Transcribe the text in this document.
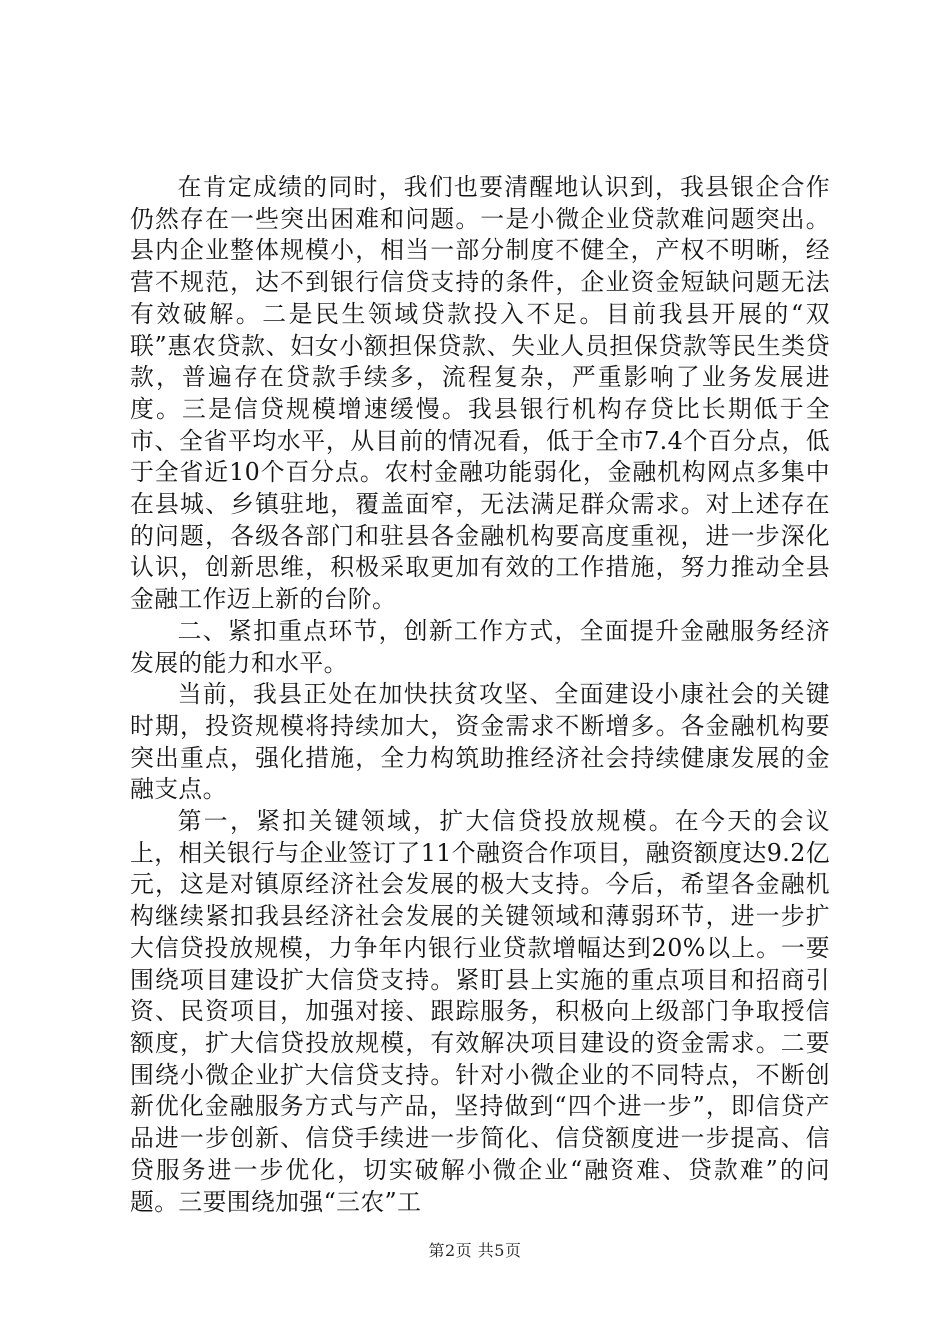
在肯定成绩的同时，我们也要清醒地认识到，我县银企合作仍然存在一些突出困难和问题。一是小微企业贷款难问题突出。县内企业整体规模小，相当一部分制度不健全，产权不明晰，经营不规范，达不到银行信贷支持的条件，企业资金短缺问题无法有效破解。二是民生领域贷款投入不足。目前我县开展的“双联”惠农贷款、妇女小额担保贷款、失业人员担保贷款等民生类贷款，普遍存在贷款手续多，流程复杂，严重影响了业务发展进度。三是信贷规模增速缓慢。我县银行机构存贷比长期低于全市、全省平均水平，从目前的情况看，低于全市7.4个百分点，低于全省近10个百分点。农村金融功能弱化，金融机构网点多集中在县城、乡镇驻地，覆盖面窄，无法满足群众需求。对上述存在的问题，各级各部门和驻县各金融机构要高度重视，进一步深化认识，创新思维，积极采取更加有效的工作措施，努力推动全县金融工作迈上新的台阶。

二、紧扣重点环节，创新工作方式，全面提升金融服务经济发展的能力和水平。

当前，我县正处在加快扶贫攻坚、全面建设小康社会的关键时期，投资规模将持续加大，资金需求不断增多。各金融机构要突出重点，强化措施，全力构筑助推经济社会持续健康发展的金融支点。

第一，紧扣关键领域，扩大信贷投放规模。在今天的会议上，相关银行与企业签订了11个融资合作项目，融资额度达9.2亿元，这是对镇原经济社会发展的极大支持。今后，希望各金融机构继续紧扣我县经济社会发展的关键领域和薄弱环节，进一步扩大信贷投放规模，力争年内银行业贷款增幅达到20%以上。一要围绕项目建设扩大信贷支持。紧盯县上实施的重点项目和招商引资、民资项目，加强对接、跟踪服务，积极向上级部门争取授信额度，扩大信贷投放规模，有效解决项目建设的资金需求。二要围绕小微企业扩大信贷支持。针对小微企业的不同特点，不断创新优化金融服务方式与产品，坚持做到“四个进一步”，即信贷产品进一步创新、信贷手续进一步简化、信贷额度进一步提高、信贷服务进一步优化，切实破解小微企业“融资难、贷款难”的问题。三要围绕加强“三农”工

第2页 共5页
